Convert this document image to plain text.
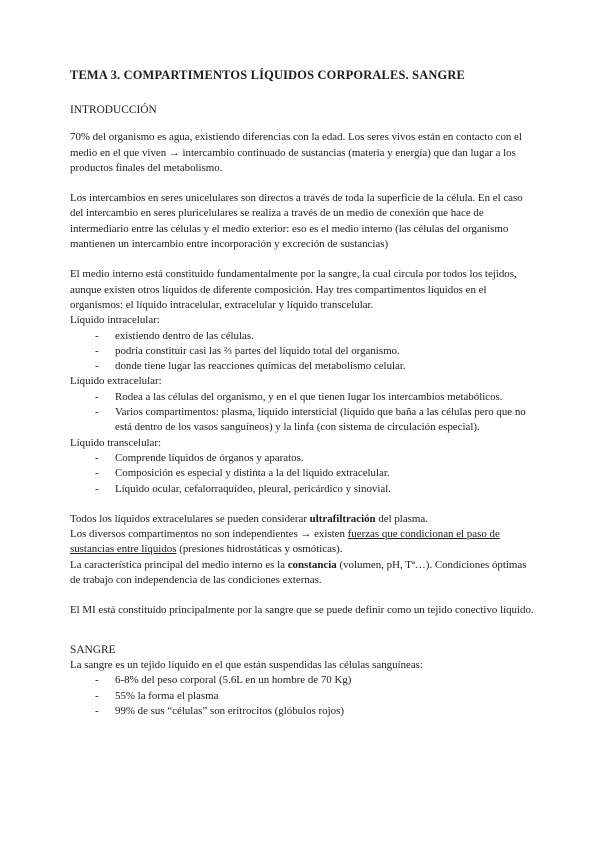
TEMA 3. COMPARTIMENTOS LÍQUIDOS CORPORALES. SANGRE
INTRODUCCIÓN

70% del organismo es agua, existiendo diferencias con la edad. Los seres vivos están en contacto con el medio en el que viven → intercambio continuado de sustancias (materia y energía) que dan lugar a los productos finales del metabolismo.

Los intercambios en seres unicelulares son directos a través de toda la superficie de la célula. En el caso del intercambio en seres pluricelulares se realiza a través de un medio de conexión que hace de intermediario entre las células y el medio exterior: eso es el medio interno (las células del organismo mantienen un intercambio entre incorporación y excreción de sustancias)

El medio interno está constituido fundamentalmente por la sangre, la cual circula por todos los tejidos, aunque existen otros líquidos de diferente composición. Hay tres compartimentos líquidos en el organismos: el líquido intracelular, extracelular y líquido transcelular.

Líquido intracelular:
-	existiendo dentro de las células.
-	podría constituir casi las ⅔ partes del líquido total del organismo.
-	donde tiene lugar las reacciones químicas del metabolismo celular.
Líquido extracelular:
-	Rodea a las células del organismo, y en el que tienen lugar los intercambios metabólicos.
-	Varios compartimentos: plasma, líquido intersticial (líquido que baña a las células pero que no está dentro de los vasos sanguíneos) y la linfa (con sistema de circulación especial).
Líquido transcelular:
-	Comprende líquidos de órganos y aparatos.
-	Composición es especial y distinta a la del líquido extracelular.
-	Líquido ocular, cefalorraquídeo, pleural, pericárdico y sinovial.

Todos los líquidos extracelulares se pueden considerar ultrafiltración del plasma.

Los diversos compartimentos no son independientes → existen fuerzas que condicionan el paso de sustancias entre líquidos (presiones hidrostáticas y osmóticas).

La característica principal del medio interno es la constancia (volumen, pH, Tª…). Condiciones óptimas de trabajo con independencia de las condiciones externas.

El MI está constituido principalmente por la sangre que se puede definir como un tejido conectivo líquido.

SANGRE

La sangre es un tejido líquido en el que están suspendidas las células sanguíneas:

-	6-8% del peso corporal (5.6L en un hombre de 70 Kg)
-	55% la forma el plasma
-	99% de sus “células” son eritrocitos (glóbulos rojos)
